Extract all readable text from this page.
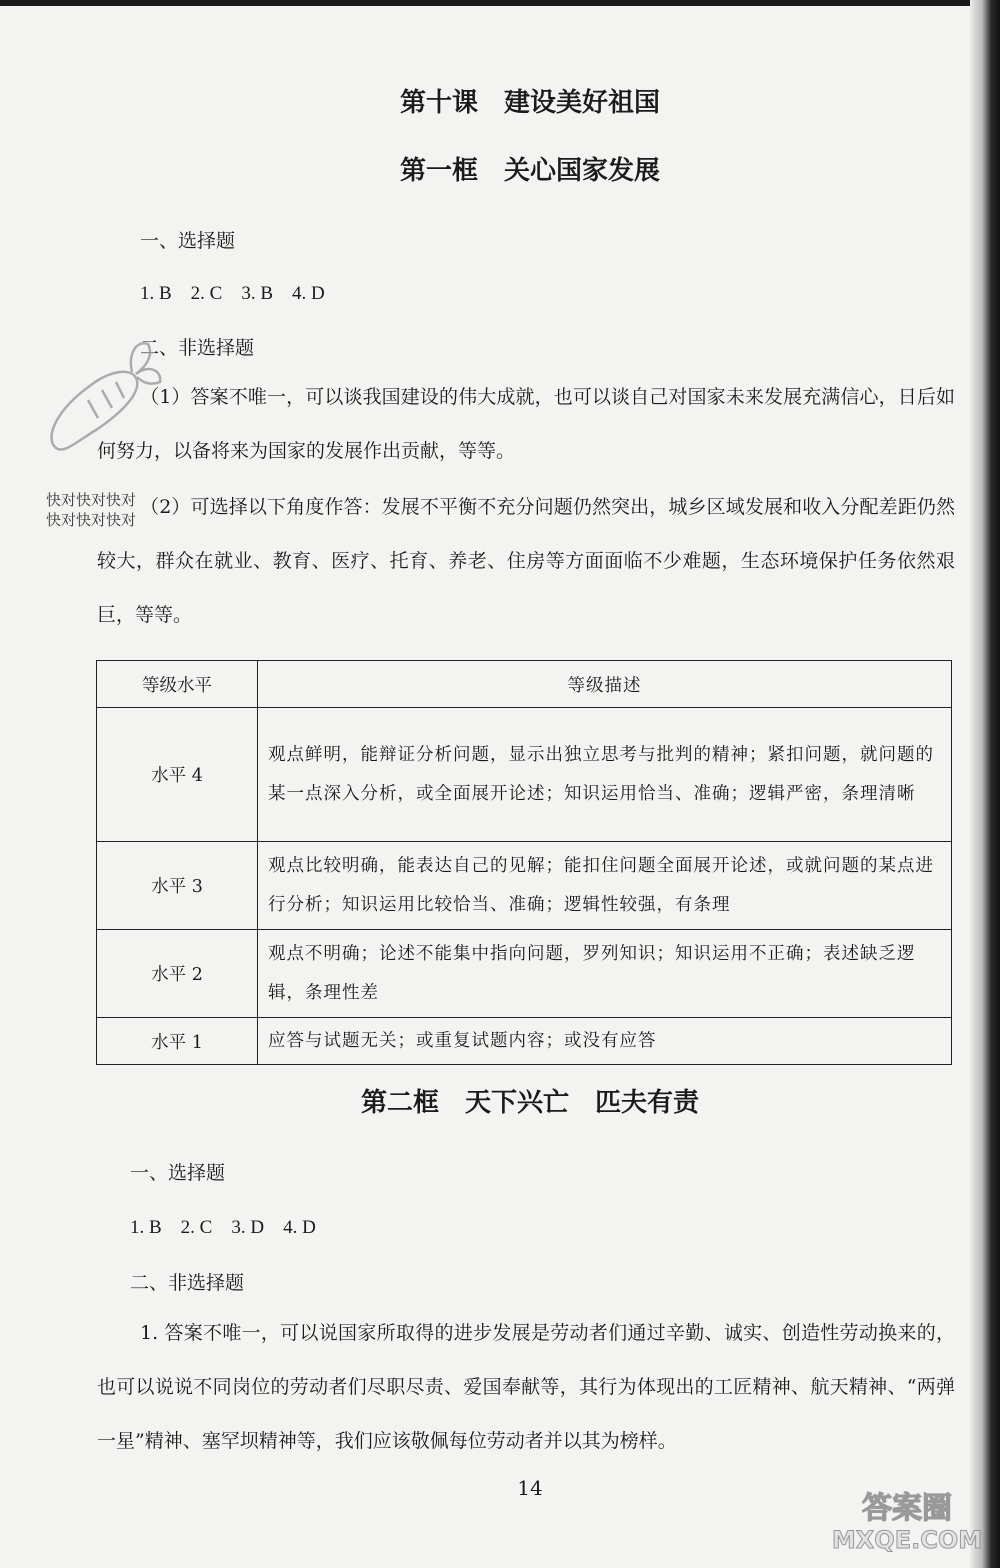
第十课　建设美好祖国
第一框　关心国家发展
一、选择题
1. B　2. C　3. B　4. D
二、非选择题
（1）答案不唯一，可以谈我国建设的伟大成就，也可以谈自己对国家未来发展充满信心，日后如何努力，以备将来为国家的发展作出贡献，等等。
（2）可选择以下角度作答：发展不平衡不充分问题仍然突出，城乡区域发展和收入分配差距仍然较大，群众在就业、教育、医疗、托育、养老、住房等方面面临不少难题，生态环境保护任务依然艰巨，等等。
快对快对快对
快对快对快对
等级水平	等级描述
水平 4	观点鲜明，能辩证分析问题，显示出独立思考与批判的精神；紧扣问题，就问题的某一点深入分析，或全面展开论述；知识运用恰当、准确；逻辑严密，条理清晰
水平 3	观点比较明确，能表达自己的见解；能扣住问题全面展开论述，或就问题的某点进行分析；知识运用比较恰当、准确；逻辑性较强，有条理
水平 2	观点不明确；论述不能集中指向问题，罗列知识；知识运用不正确；表述缺乏逻辑，条理性差
水平 1	应答与试题无关；或重复试题内容；或没有应答
第二框　天下兴亡　匹夫有责
一、选择题
1. B　2. C　3. D　4. D
二、非选择题
1. 答案不唯一，可以说国家所取得的进步发展是劳动者们通过辛勤、诚实、创造性劳动换来的，也可以说说不同岗位的劳动者们尽职尽责、爱国奉献等，其行为体现出的工匠精神、航天精神、“两弹一星”精神、塞罕坝精神等，我们应该敬佩每位劳动者并以其为榜样。
14
答案圈
MXQE.COM
